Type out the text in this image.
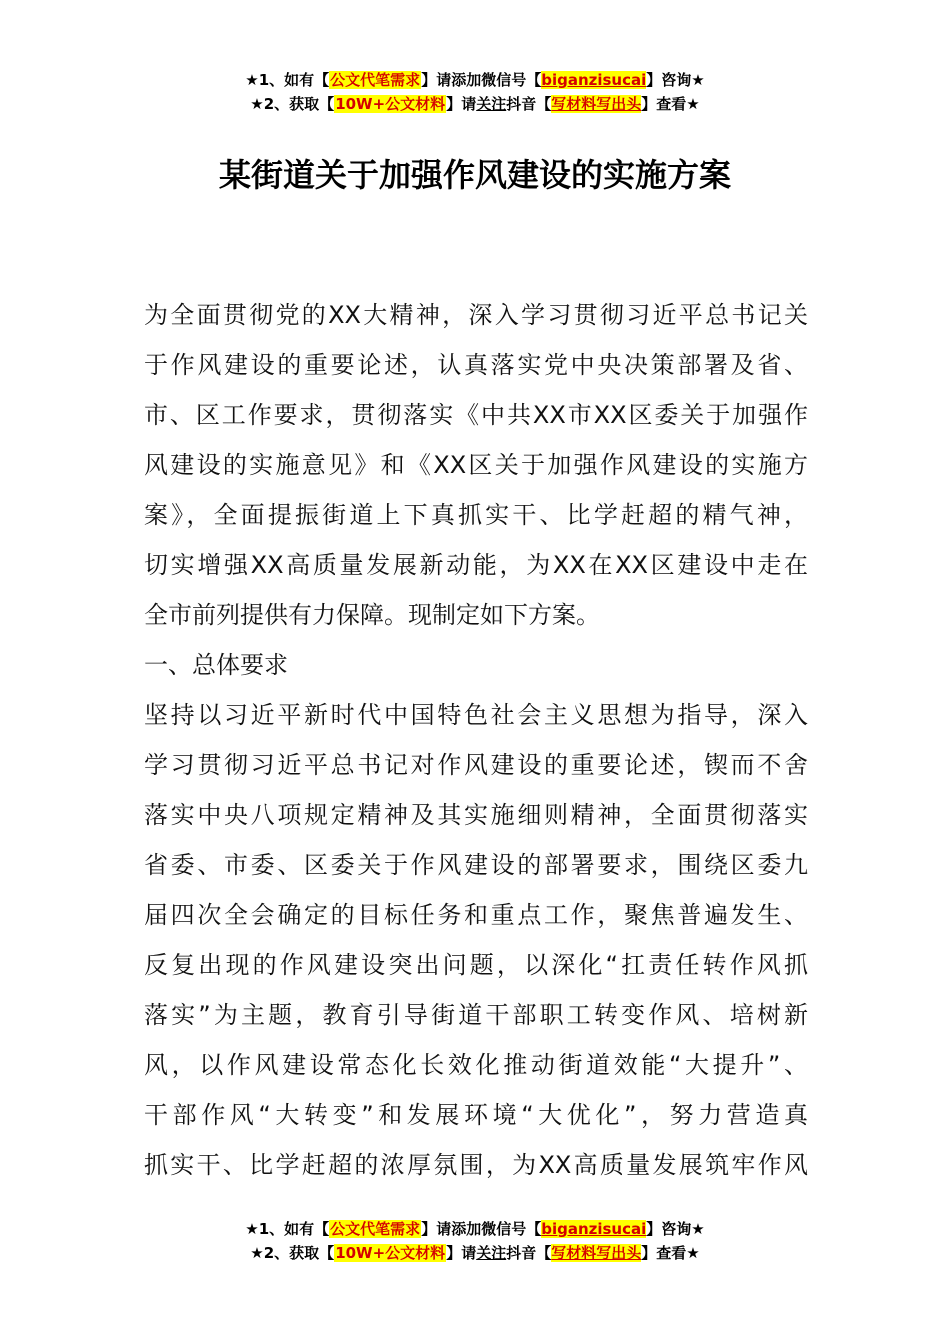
★1、如有【公文代笔需求】请添加微信号【biganzisucai】咨询★
★2、获取【10W+公文材料】请关注抖音【写材料写出头】查看★
某街道关于加强作风建设的实施方案
为全面贯彻党的XX大精神，深入学习贯彻习近平总书记关
于作风建设的重要论述，认真落实党中央决策部署及省、
市、区工作要求，贯彻落实《中共XX市XX区委关于加强作
风建设的实施意见》和《XX区关于加强作风建设的实施方
案》，全面提振街道上下真抓实干、比学赶超的精气神，
切实增强XX高质量发展新动能，为XX在XX区建设中走在
全市前列提供有力保障。现制定如下方案。
一、总体要求
坚持以习近平新时代中国特色社会主义思想为指导，深入
学习贯彻习近平总书记对作风建设的重要论述，锲而不舍
落实中央八项规定精神及其实施细则精神，全面贯彻落实
省委、市委、区委关于作风建设的部署要求，围绕区委九
届四次全会确定的目标任务和重点工作，聚焦普遍发生、
反复出现的作风建设突出问题，以深化“扛责任转作风抓
落实”为主题，教育引导街道干部职工转变作风、培树新
风，以作风建设常态化长效化推动街道效能“大提升”、
干部作风“大转变”和发展环境“大优化”，努力营造真
抓实干、比学赶超的浓厚氛围，为XX高质量发展筑牢作风
★1、如有【公文代笔需求】请添加微信号【biganzisucai】咨询★
★2、获取【10W+公文材料】请关注抖音【写材料写出头】查看★
